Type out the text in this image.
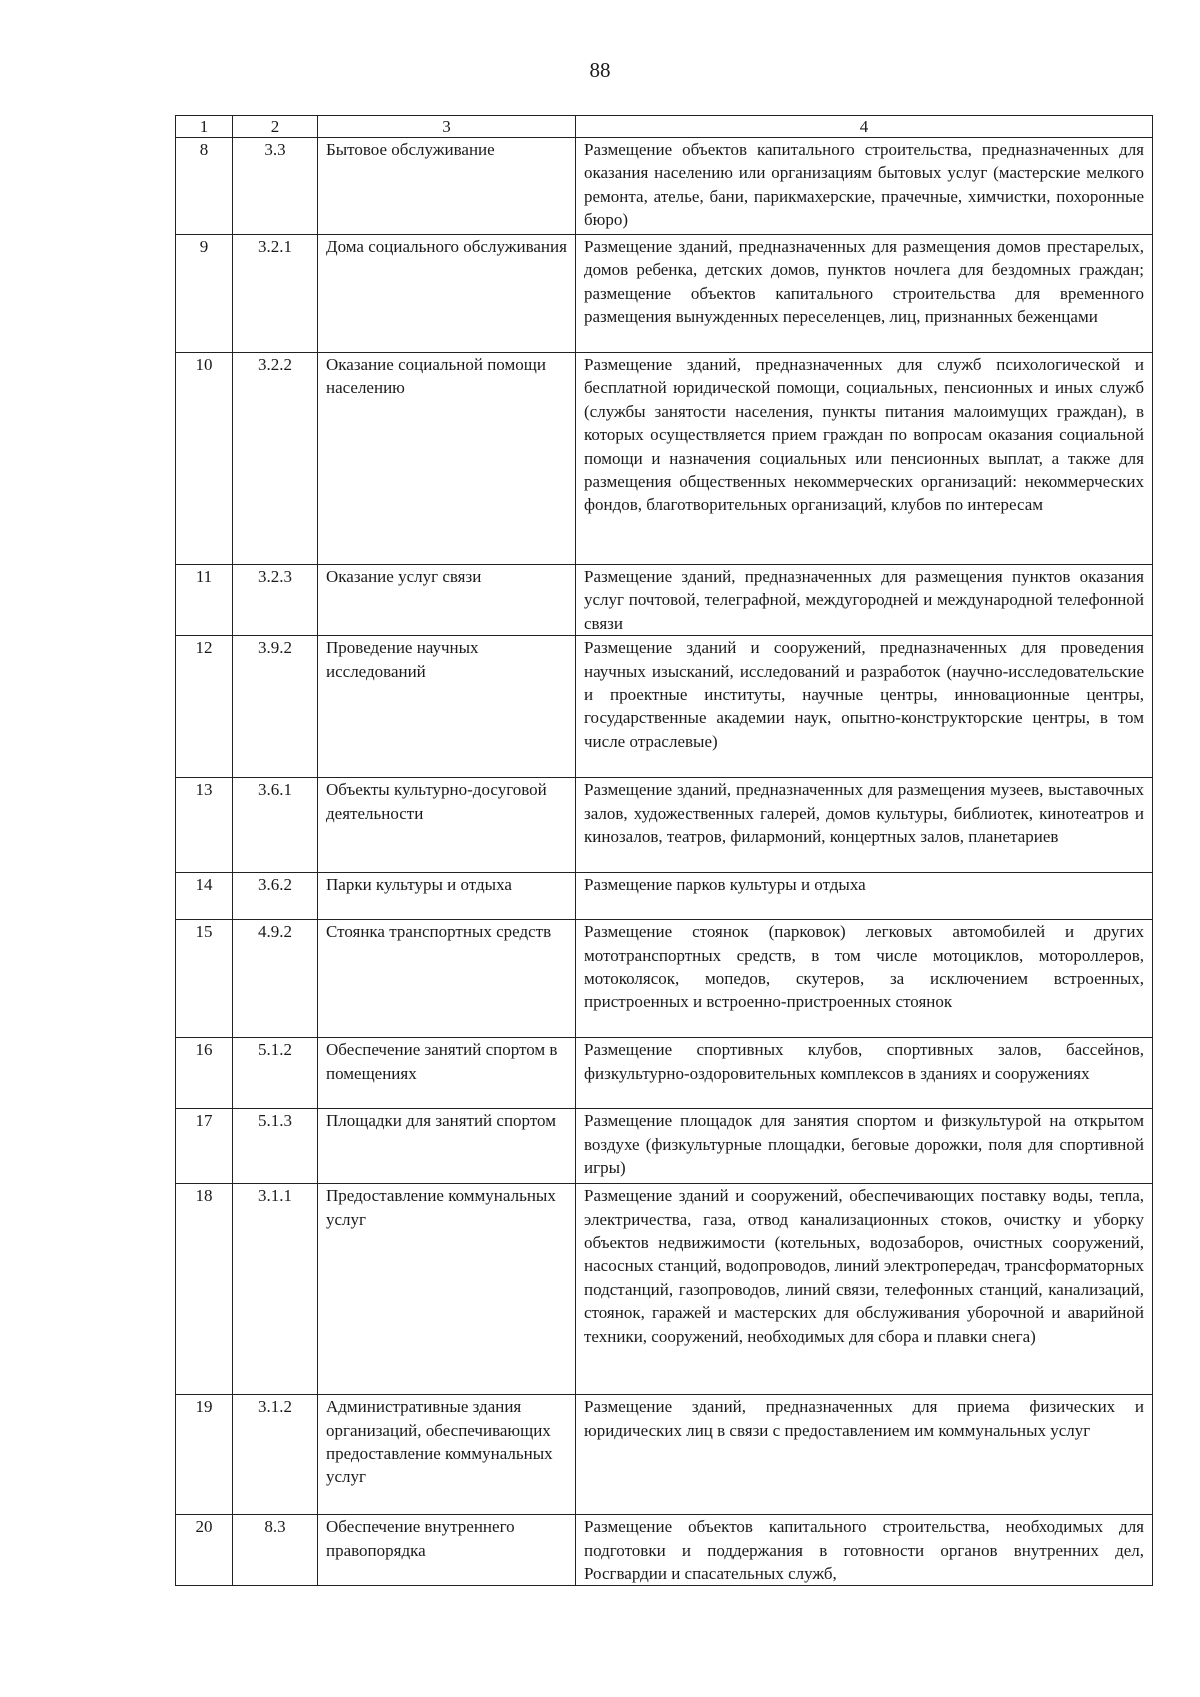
88
1	2	3	4
8	3.3	Бытовое обслуживание	Размещение объектов капитального строительства, предназначенных для оказания населению или организациям бытовых услуг (мастерские мелкого ремонта, ателье, бани, парикмахерские, прачечные, химчистки, похоронные бюро)
9	3.2.1	Дома социального обслуживания	Размещение зданий, предназначенных для размещения домов престарелых, домов ребенка, детских домов, пунктов ночлега для бездомных граждан; размещение объектов капитального строительства для временного размещения вынужденных переселенцев, лиц, признанных беженцами
10	3.2.2	Оказание социальной помощи населению	Размещение зданий, предназначенных для служб психологической и бесплатной юридической помощи, социальных, пенсионных и иных служб (службы занятости населения, пункты питания малоимущих граждан), в которых осуществляется прием граждан по вопросам оказания социальной помощи и назначения социальных или пенсионных выплат, а также для размещения общественных некоммерческих организаций: некоммерческих фондов, благотворительных организаций, клубов по интересам
11	3.2.3	Оказание услуг связи	Размещение зданий, предназначенных для размещения пунктов оказания услуг почтовой, телеграфной, междугородней и международной телефонной связи
12	3.9.2	Проведение научных исследований	Размещение зданий и сооружений, предназначенных для проведения научных изысканий, исследований и разработок (научно-исследовательские и проектные институты, научные центры, инновационные центры, государственные академии наук, опытно-конструкторские центры, в том числе отраслевые)
13	3.6.1	Объекты культурно-досуговой деятельности	Размещение зданий, предназначенных для размещения музеев, выставочных залов, художественных галерей, домов культуры, библиотек, кинотеатров и кинозалов, театров, филармоний, концертных залов, планетариев
14	3.6.2	Парки культуры и отдыха	Размещение парков культуры и отдыха
15	4.9.2	Стоянка транспортных средств	Размещение стоянок (парковок) легковых автомобилей и других мототранспортных средств, в том числе мотоциклов, мотороллеров, мотоколясок, мопедов, скутеров, за исключением встроенных, пристроенных и встроенно-пристроенных стоянок
16	5.1.2	Обеспечение занятий спортом в помещениях	Размещение спортивных клубов, спортивных залов, бассейнов, физкультурно-оздоровительных комплексов в зданиях и сооружениях
17	5.1.3	Площадки для занятий спортом	Размещение площадок для занятия спортом и физкультурой на открытом воздухе (физкультурные площадки, беговые дорожки, поля для спортивной игры)
18	3.1.1	Предоставление коммунальных услуг	Размещение зданий и сооружений, обеспечивающих поставку воды, тепла, электричества, газа, отвод канализационных стоков, очистку и уборку объектов недвижимости (котельных, водозаборов, очистных сооружений, насосных станций, водопроводов, линий электропередач, трансформаторных подстанций, газопроводов, линий связи, телефонных станций, канализаций, стоянок, гаражей и мастерских для обслуживания уборочной и аварийной техники, сооружений, необходимых для сбора и плавки снега)
19	3.1.2	Административные здания организаций, обеспечивающих предоставление коммунальных услуг	Размещение зданий, предназначенных для приема физических и юридических лиц в связи с предоставлением им коммунальных услуг
20	8.3	Обеспечение внутреннего правопорядка	Размещение объектов капитального строительства, необходимых для подготовки и поддержания в готовности органов внутренних дел, Росгвардии и спасательных служб,
